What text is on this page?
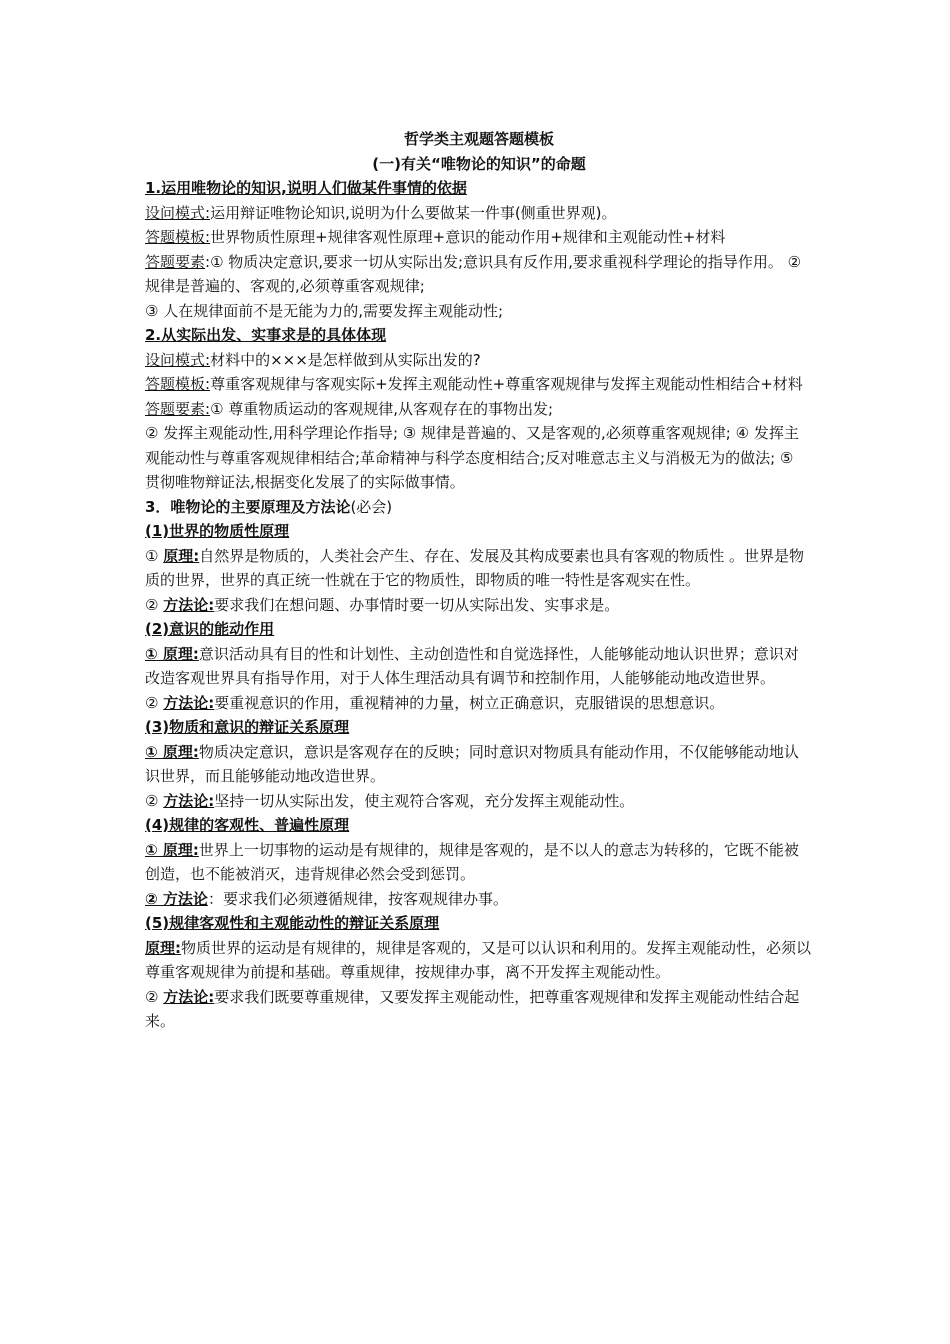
哲学类主观题答题模板

(一)有关“唯物论的知识”的命题

1.运用唯物论的知识,说明人们做某件事情的依据

设问模式:运用辩证唯物论知识,说明为什么要做某一件事(侧重世界观)。

答题模板:世界物质性原理+规律客观性原理+意识的能动作用+规律和主观能动性+材料

答题要素:① 物质决定意识,要求一切从实际出发;意识具有反作用,要求重视科学理论的指导作用。 ②规律是普遍的、客观的,必须尊重客观规律;

③ 人在规律面前不是无能为力的,需要发挥主观能动性;

2.从实际出发、实事求是的具体体现

设问模式:材料中的×××是怎样做到从实际出发的?

答题模板:尊重客观规律与客观实际+发挥主观能动性+尊重客观规律与发挥主观能动性相结合+材料

答题要素:① 尊重物质运动的客观规律,从客观存在的事物出发;

② 发挥主观能动性,用科学理论作指导; ③ 规律是普遍的、又是客观的,必须尊重客观规律; ④ 发挥主观能动性与尊重客观规律相结合;革命精神与科学态度相结合;反对唯意志主义与消极无为的做法; ⑤ 贯彻唯物辩证法,根据变化发展了的实际做事情。

3．唯物论的主要原理及方法论(必会)

(1)世界的物质性原理

① 原理:自然界是物质的，人类社会产生、存在、发展及其构成要素也具有客观的物质性 。世界是物质的世界，世界的真正统一性就在于它的物质性，即物质的唯一特性是客观实在性。

② 方法论:要求我们在想问题、办事情时要一切从实际出发、实事求是。

(2)意识的能动作用

① 原理:意识活动具有目的性和计划性、主动创造性和自觉选择性，人能够能动地认识世界；意识对改造客观世界具有指导作用，对于人体生理活动具有调节和控制作用，人能够能动地改造世界。

② 方法论:要重视意识的作用，重视精神的力量，树立正确意识，克服错误的思想意识。

(3)物质和意识的辩证关系原理

① 原理:物质决定意识，意识是客观存在的反映；同时意识对物质具有能动作用，不仅能够能动地认识世界，而且能够能动地改造世界。

② 方法论:坚持一切从实际出发，使主观符合客观，充分发挥主观能动性。

(4)规律的客观性、普遍性原理

① 原理:世界上一切事物的运动是有规律的，规律是客观的，是不以人的意志为转移的，它既不能被创造，也不能被消灭，违背规律必然会受到惩罚。

② 方法论：要求我们必须遵循规律，按客观规律办事。

(5)规律客观性和主观能动性的辩证关系原理

原理:物质世界的运动是有规律的，规律是客观的，又是可以认识和利用的。发挥主观能动性，必须以尊重客观规律为前提和基础。尊重规律，按规律办事，离不开发挥主观能动性。

② 方法论:要求我们既要尊重规律，又要发挥主观能动性，把尊重客观规律和发挥主观能动性结合起来。
